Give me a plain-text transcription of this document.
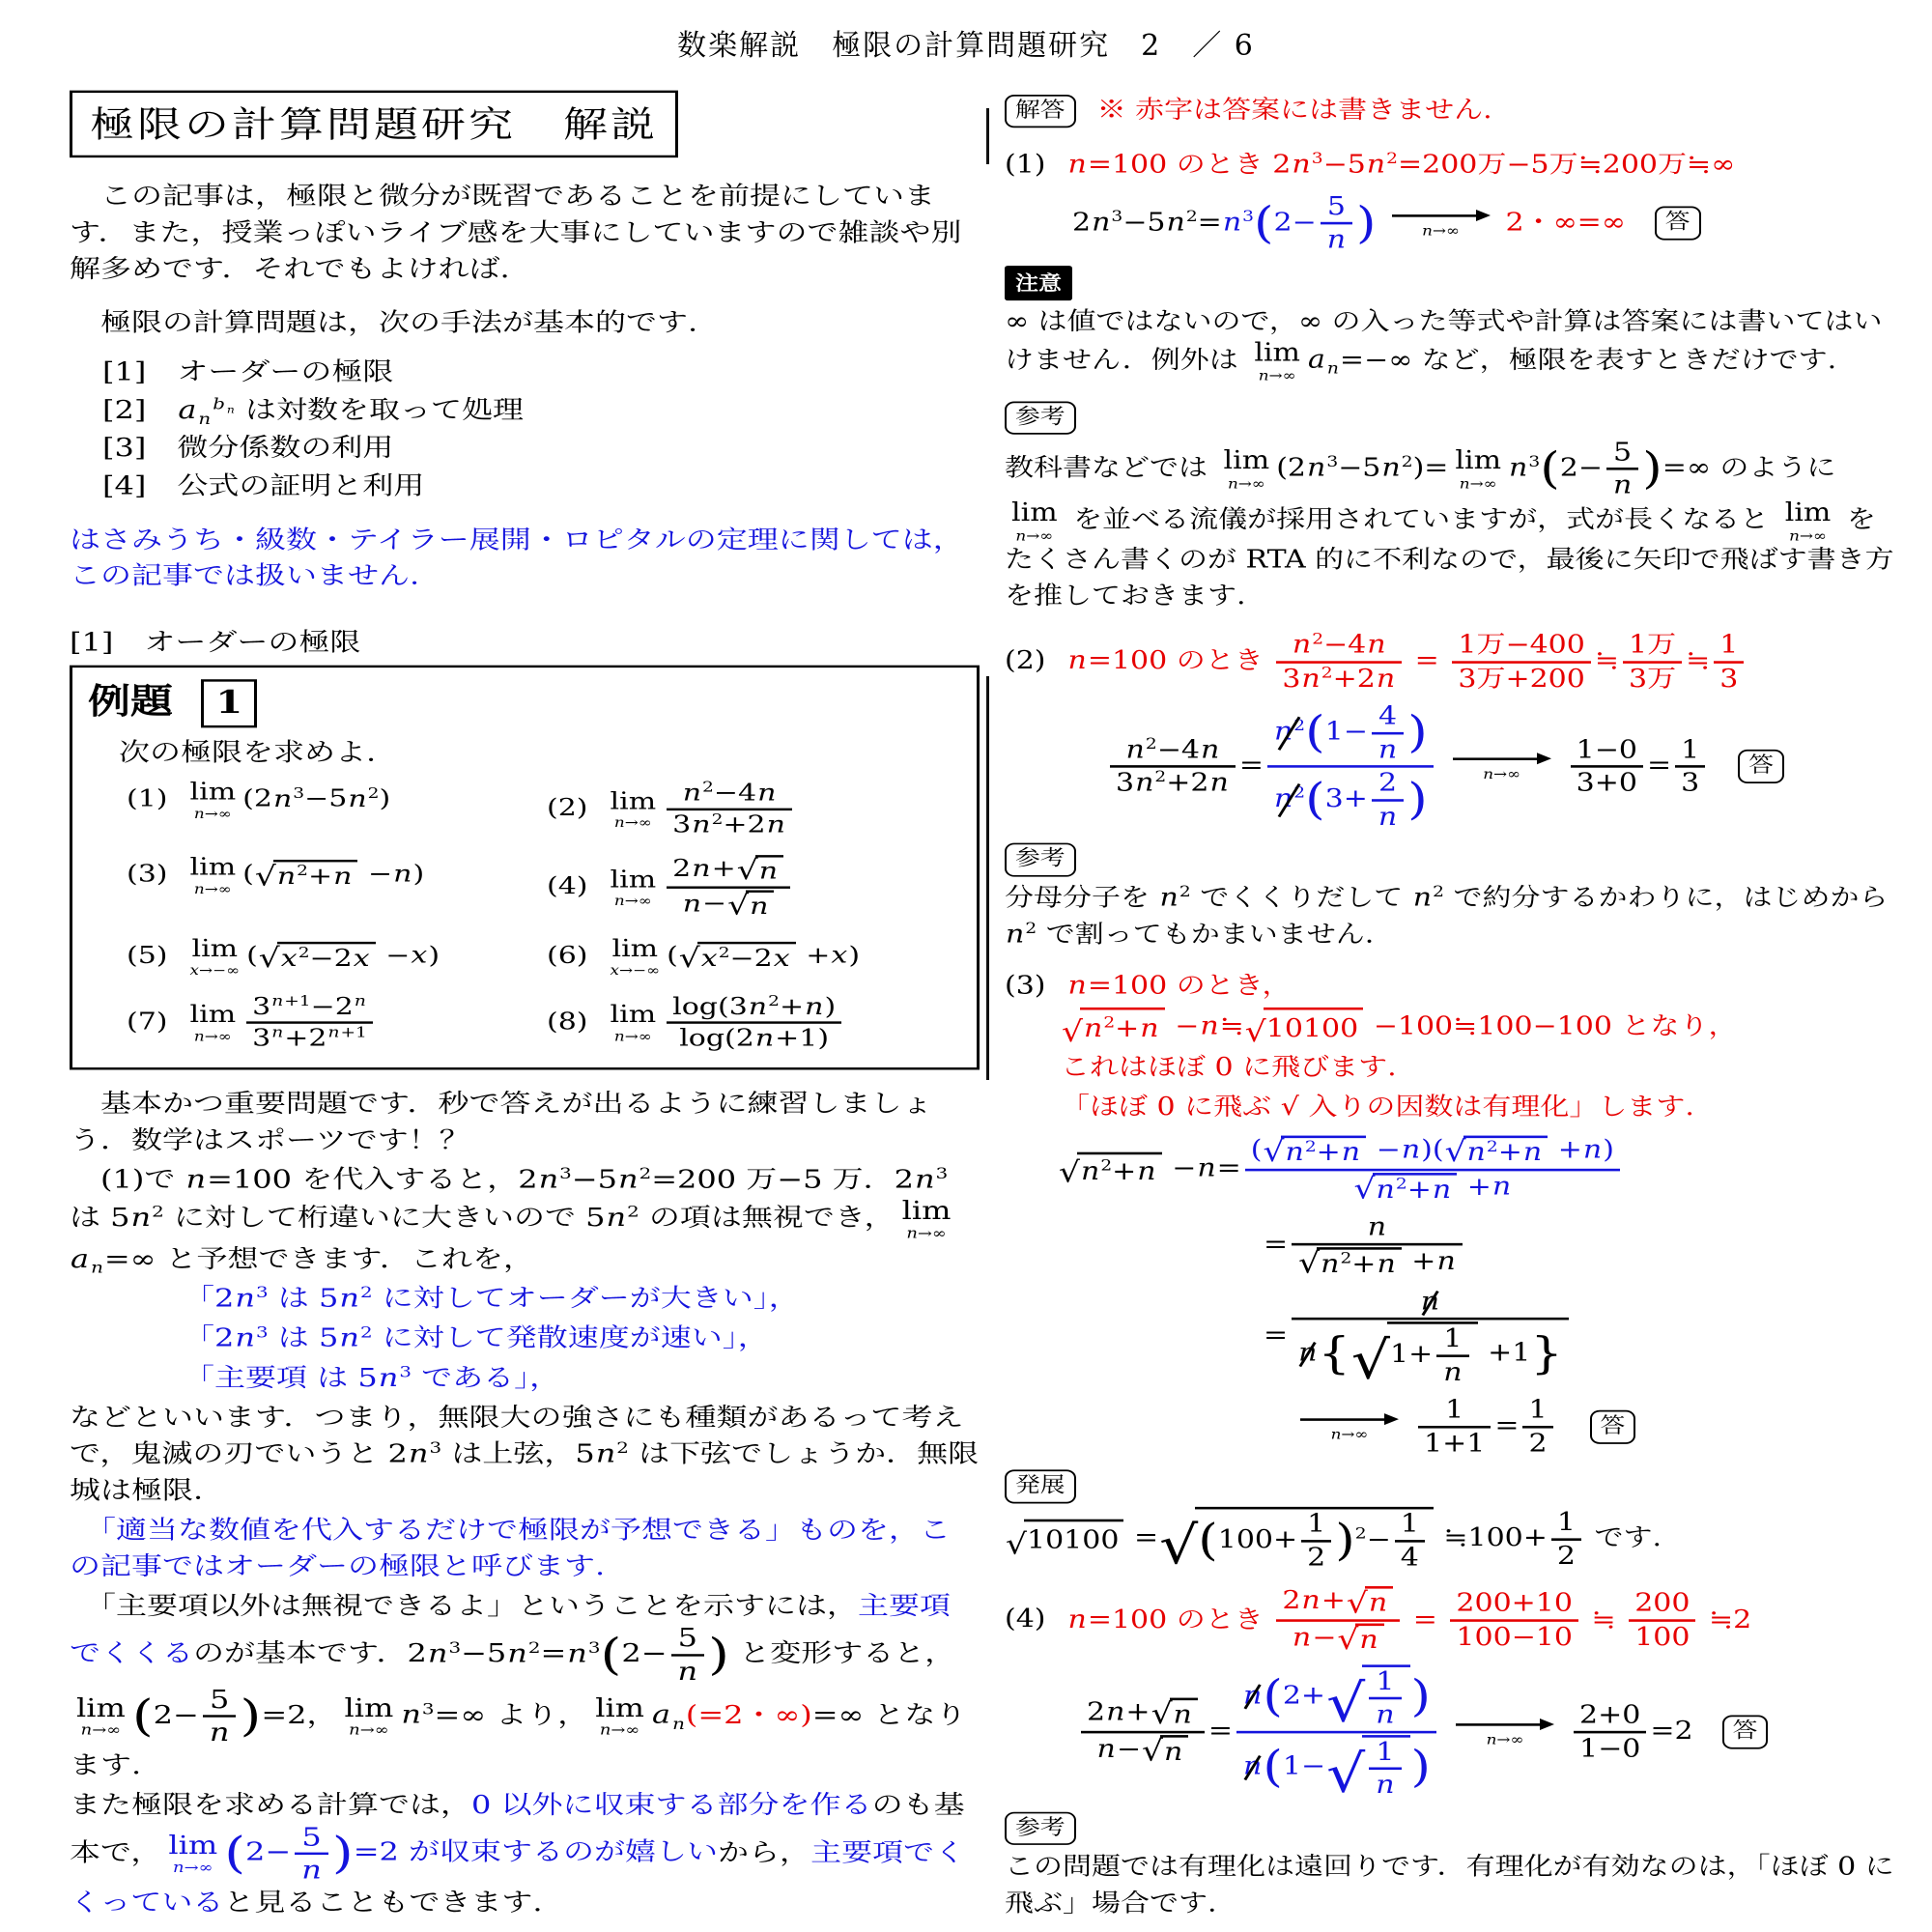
数楽解説　極限の計算問題研究　2　／ 6
極限の計算問題研究　解説
　この記事は，極限と微分が既習であることを前提にしています．また，授業っぽいライブ感を大事にしていますので雑談や別解多めです．それでもよければ.
　極限の計算問題は，次の手法が基本的です.
[1]　オーダーの極限
[2]　a $_n^{b _n}$ は対数を取って処理
[3]　微分係数の利用
[4]　公式の証明と利用
はさみうち・級数・テイラー展開・ロピタルの定理に関しては，この記事では扱いません.
[1]　オーダーの極限
例題 1
　次の極限を求めよ.
(1) lim
n→∞
$(2n^3-5n^2)$	(2) lim
$n\to\infty \frac{n^2-4n}{3n^2+2n}$
(3) lim
n→∞
( √ $n^2+n -n$)	(4) lim
$n\to\infty \frac{2n+ √ n}{n- √ n}$
(5) lim
x→−∞
( √ $x^2-2x -x$)	(6) lim
x→−∞
( √ $x^2-2x +x$)
(7) lim
$n\to\infty \frac{3^{n+1}-2^n}{3^n+2^{n+1}}$	(8) lim
$n\to\infty \frac{\log(3n^2+n)}{\log(2n+1)}$
　基本かつ重要問題です．秒で答えが出るように練習しましょう．数学はスポーツです！？
　(1)で n=100 を代入すると，$2n^3-5n^2=200$ 万−5 万．$2n^3$ は $5n^2$ に対して桁違いに大きいので $5n^2$ の項は無視でき， lim
n→∞
a $_n$=∞ と予想できます．これを，
「$2n^3$ は $5n^2$ に対してオーダーが大きい」，
「$2n^3$ は $5n^2$ に対して発散速度が速い」，
「主要項 は $5n^3$ である」，
などといいます．つまり，無限大の強さにも種類があるって考えで，鬼滅の刃でいうと $2n^3$ は上弦，$5n^2$ は下弦でしょうか．無限城は極限.
　「適当な数値を代入するだけで極限が予想できる」ものを，この記事ではオーダーの極限と呼びます.
　「主要項以外は無視できるよ」ということを示すには，主要項でくくるのが基本です．$2n^3-5n^2=n^3(2- \frac{5}{n}$ ) と変形すると，
lim
n→∞ $(2- \frac{5}{n} )=2$， lim
n→∞
$n^3=\infty$ より， lim
n→∞
a $_n$(=2・∞)=∞ となります.
また極限を求める計算では，0 以外に収束する部分を作るのも基本で， lim
n→∞ $(2- \frac{5}{n} )=2$ が収束するのが嬉しいから，主要項でくくっていると見ることもできます.
解答 ※ 赤字は答案には書きません.
(1) n=100 のとき $2n^3-5n^2=200$万−5万≒200万≒∞
$2n^3-5n^2=n^3(2- \frac{5}{n}$ )	n→∞ 2・∞=∞ 答
注意
∞ は値ではないので，∞ の入った等式や計算は答案には書いてはいけません．例外は lim
n→∞
a $_n$=−∞ など，極限を表すときだけです.
参考
教科書などでは lim
n→∞
$(2n^3-5n^2)= \lim$
n→∞
$n^3(2- \frac{5}{n}$ )=∞ のように
lim
n→∞
を並べる流儀が採用されていますが，式が長くなると lim
n→∞
をたくさん書くのが RTA 的に不利なので，最後に矢印で飛ばす書き方を推しておきます.
(2) n=100 のとき $\frac{n^2-4n}{3n^2+2n} = \frac{\text{1万−400}}{\text{3万+200}}$ ≒ $\frac{\text{1万}}{\text{3万}}$ ≒ $\frac{1}{3}$
$\frac{n^2-4n}{3n^2+2n} = \frac{n^2(1- \frac{4}{n} )}{n^2(3+ \frac{2}{n} )}$	$n\to\infty \frac{1-0}{3+0} = \frac{1}{3}$ 答
参考
分母分子を $n^2$ でくくりだして $n^2$ で約分するかわりに，はじめから $n^2$ で割ってもかまいません.
(3) n=100 のとき，
√ $n^2+n$ −n≒ √ 10100 −100≒100−100 となり，
これはほぼ 0 に飛びます.
「ほぼ 0 に飛ぶ √ 入りの因数は有理化」します.
√ $n^2+n -n= \frac{( √ n^2+n -n)( √ n^2+n +n)}{√ n^2+n +n}$
= $\frac{n}{√ n^2+n +n}$
= $\frac{n}{n\{ √ 1+ \frac{1}{n} +1\}}$
$n\to\infty \frac{1}{1+1} = \frac{1}{2}$ 答
発展
√ 10100 = √ $(100+ \frac{1}{2} )^2- \frac{1}{4}$ ≒100+ $\frac{1}{2}$ です.
(4) n=100 のとき $\frac{2n+ √ n}{n- √ n} = \frac{200+10}{100-10}$ ≒ $\frac{200}{100}$ ≒2
$\frac{2n+ √ n}{n- √ n} = \frac{n(2+ √ \frac{1}{n} )}{n(1- √ \frac{1}{n} )}$	$n\to\infty \frac{2+0}{1-0} =2$ 答
参考
この問題では有理化は遠回りです．有理化が有効なのは，「ほぼ 0 に飛ぶ」場合です.
